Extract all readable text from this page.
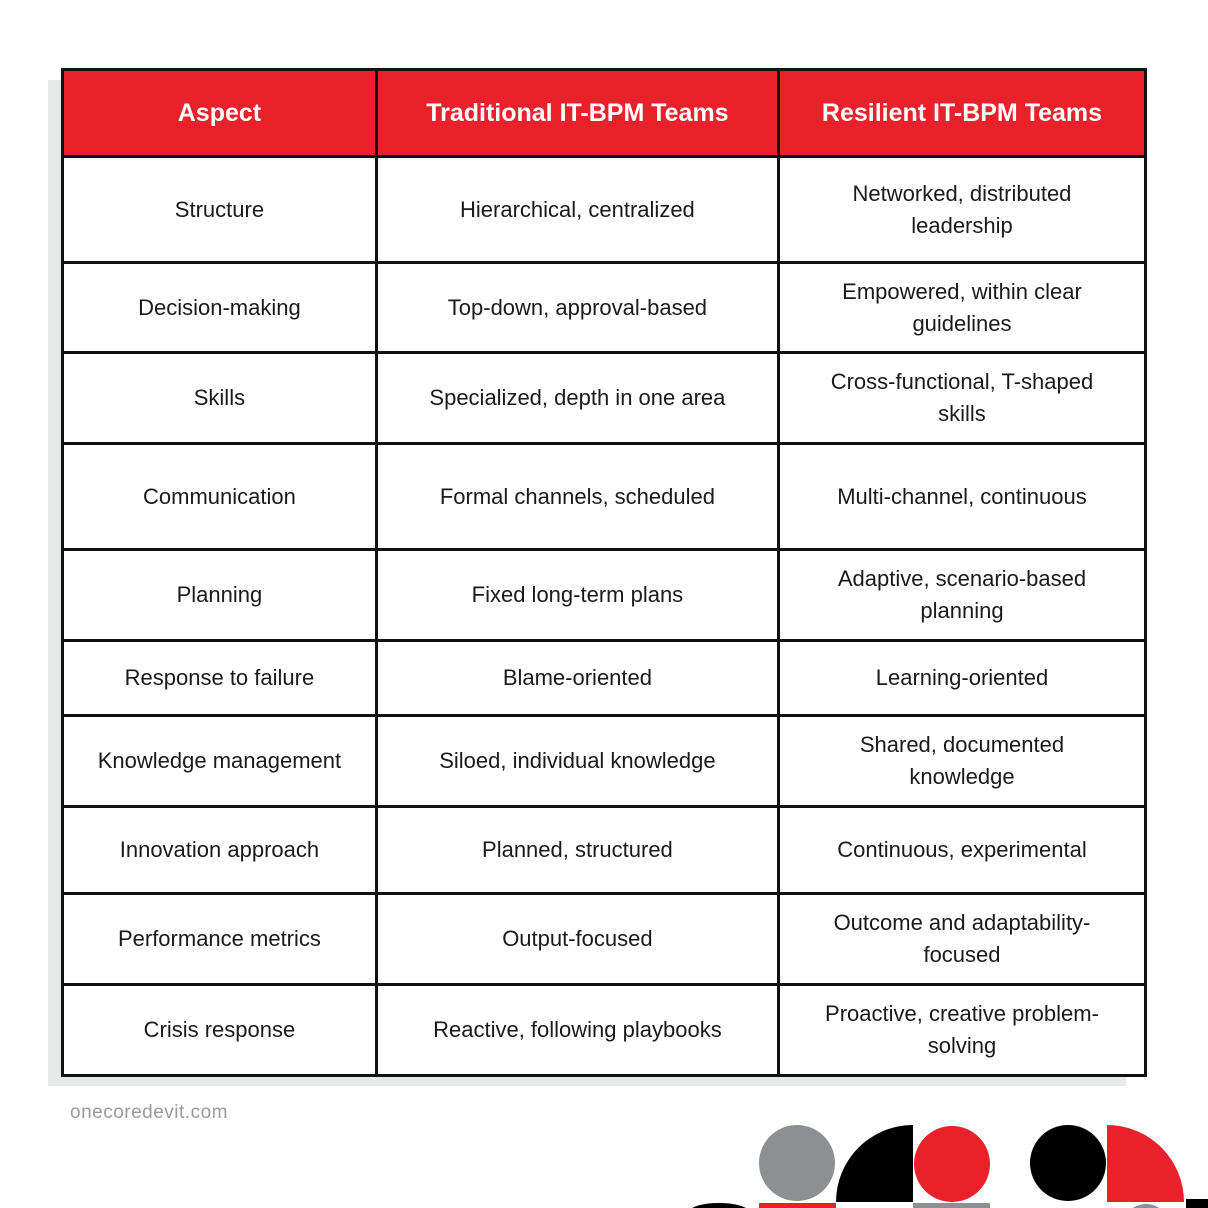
Aspect	Traditional IT-BPM Teams	Resilient IT-BPM Teams
Structure	Hierarchical, centralized	Networked, distributed leadership
Decision-making	Top-down, approval-based	Empowered, within clear guidelines
Skills	Specialized, depth in one area	Cross-functional, T-shaped skills
Communication	Formal channels, scheduled	Multi-channel, continuous
Planning	Fixed long-term plans	Adaptive, scenario-based planning
Response to failure	Blame-oriented	Learning-oriented
Knowledge management	Siloed, individual knowledge	Shared, documented knowledge
Innovation approach	Planned, structured	Continuous, experimental
Performance metrics	Output-focused	Outcome and adaptability-focused
Crisis response	Reactive, following playbooks	Proactive, creative problem-solving
onecoredevit.com
